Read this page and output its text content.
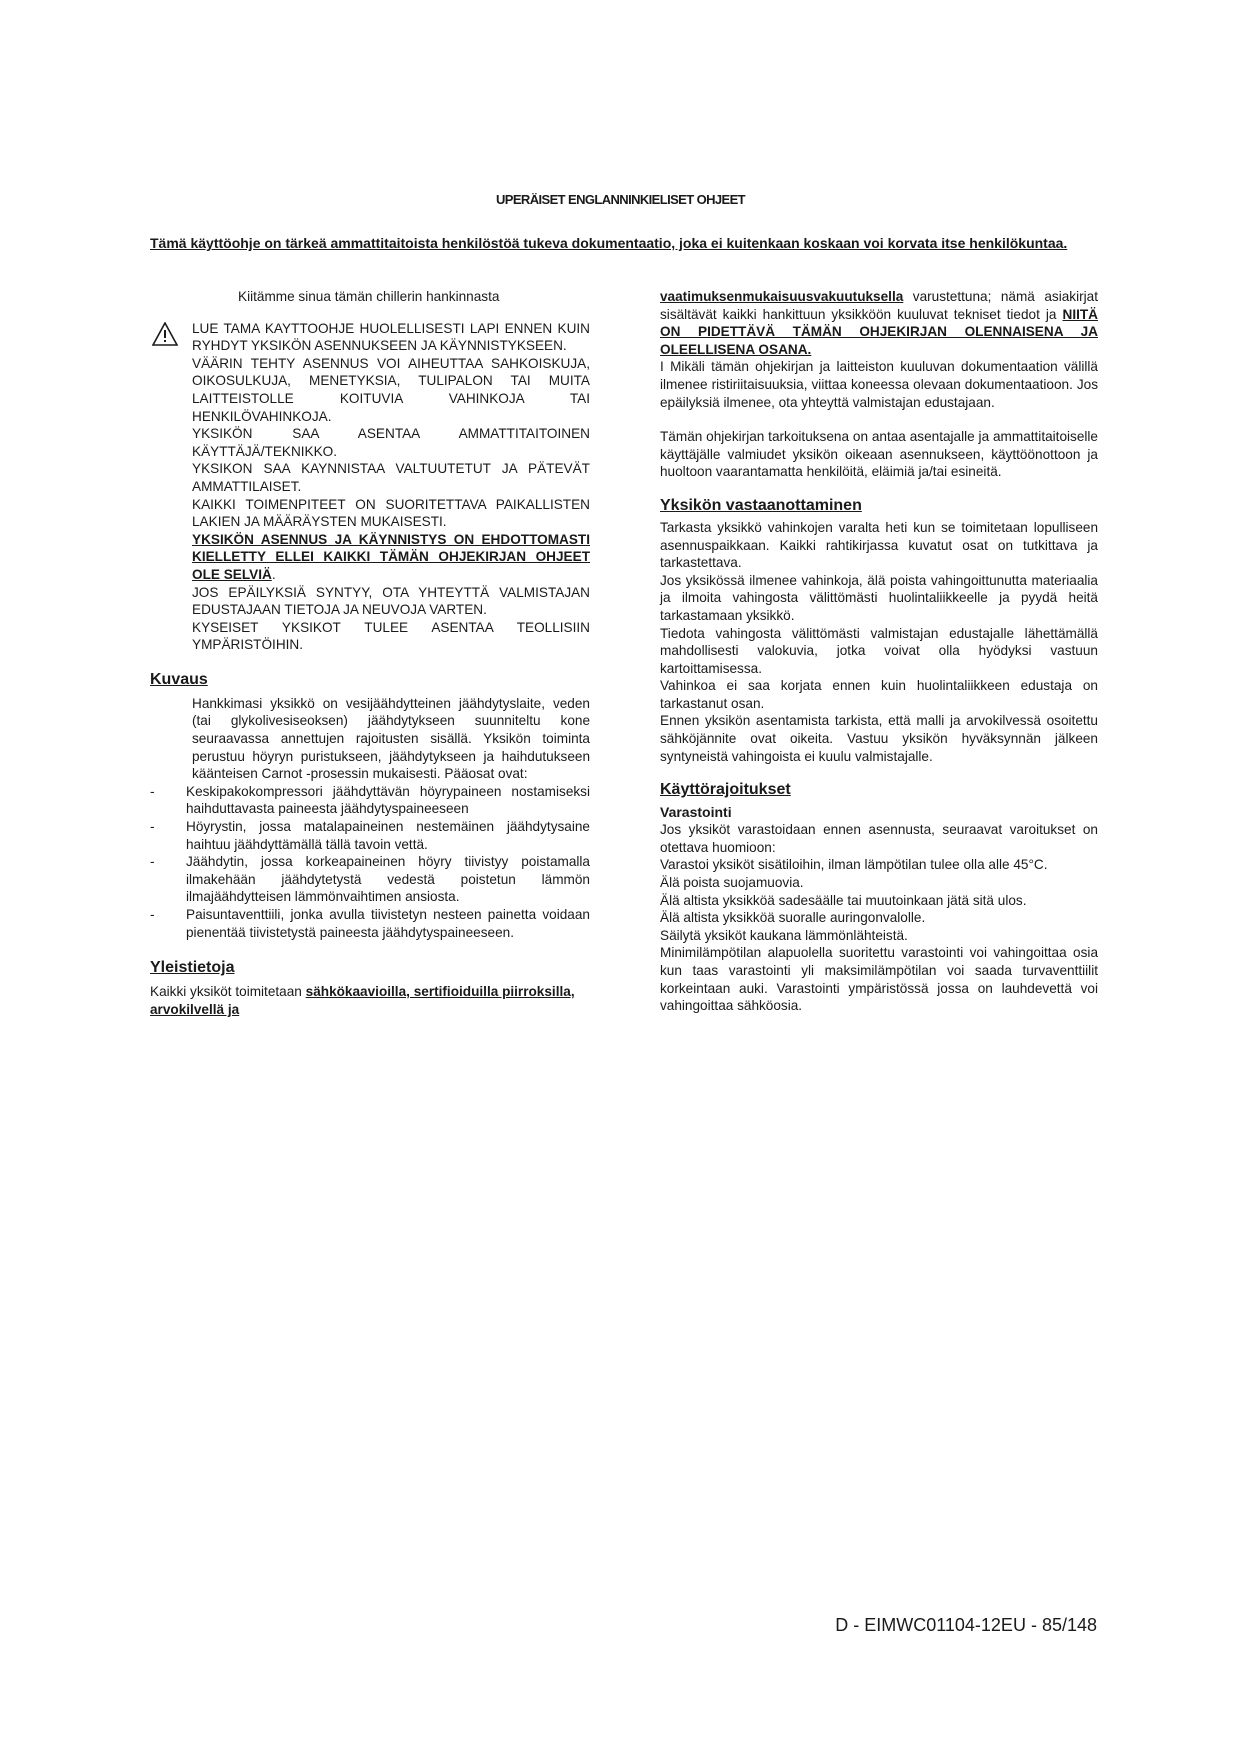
UPERÄISET ENGLANNINKIELISET OHJEET
Tämä käyttöohje on tärkeä ammattitaitoista henkilöstöä tukeva dokumentaatio, joka ei kuitenkaan koskaan voi korvata itse henkilökuntaa.

Kiitämme sinua tämän chillerin hankinnasta

LUE TAMA KAYTTOOHJE HUOLELLISESTI LAPI ENNEN KUIN RYHDYT YKSIKÖN ASENNUKSEEN JA KÄYNNISTYKSEEN.

VÄÄRIN TEHTY ASENNUS VOI AIHEUTTAA SAHKOISKUJA, OIKOSULKUJA, MENETYKSIA, TULIPALON TAI MUITA LAITTEISTOLLE KOITUVIA VAHINKOJA TAI HENKILÖVAHINKOJA.

YKSIKÖN SAA ASENTAA AMMATTITAITOINEN KÄYTTÄJÄ/TEKNIKKO.

YKSIKON SAA KAYNNISTAA VALTUUTETUT JA PÄTEVÄT AMMATTILAISET.

KAIKKI TOIMENPITEET ON SUORITETTAVA PAIKALLISTEN LAKIEN JA MÄÄRÄYSTEN MUKAISESTI.

YKSIKÖN ASENNUS JA KÄYNNISTYS ON EHDOTTOMASTI KIELLETTY ELLEI KAIKKI TÄMÄN OHJEKIRJAN OHJEET OLE SELVIÄ.

JOS EPÄILYKSIÄ SYNTYY, OTA YHTEYTTÄ VALMISTAJAN EDUSTAJAAN TIETOJA JA NEUVOJA VARTEN.

KYSEISET YKSIKOT TULEE ASENTAA TEOLLISIIN YMPÄRISTÖIHIN.

Kuvaus

Hankkimasi yksikkö on vesijäähdytteinen jäähdytyslaite, veden (tai glykolivesiseoksen) jäähdytykseen suunniteltu kone seuraavassa annettujen rajoitusten sisällä. Yksikön toiminta perustuu höyryn puristukseen, jäähdytykseen ja haihdutukseen käänteisen Carnot -prosessin mukaisesti. Pääosat ovat:

- Keskipakokompressori jäähdyttävän höyrypaineen nostamiseksi haihduttavasta paineesta jäähdytyspaineeseen
- Höyrystin, jossa matalapaineinen nestemäinen jäähdytysaine haihtuu jäähdyttämällä tällä tavoin vettä.
- Jäähdytin, jossa korkeapaineinen höyry tiivistyy poistamalla ilmakehään jäähdytetystä vedestä poistetun lämmön ilmajäähdytteisen lämmönvaihtimen ansiosta.
- Paisuntaventtiili, jonka avulla tiivistetyn nesteen painetta voidaan pienentää tiivistetystä paineesta jäähdytyspaineeseen.
Yleistietoja

Kaikki yksiköt toimitetaan sähkökaavioilla, sertifioiduilla piirroksilla, arvokilvellä ja

vaatimuksenmukaisuusvakuutuksella varustettuna; nämä asiakirjat sisältävät kaikki hankittuun yksikköön kuuluvat tekniset tiedot ja NIITÄ ON PIDETTÄVÄ TÄMÄN OHJEKIRJAN OLENNAISENA JA OLEELLISENA OSANA.

I Mikäli tämän ohjekirjan ja laitteiston kuuluvan dokumentaation välillä ilmenee ristiriitaisuuksia, viittaa koneessa olevaan dokumentaatioon. Jos epäilyksiä ilmenee, ota yhteyttä valmistajan edustajaan.

Tämän ohjekirjan tarkoituksena on antaa asentajalle ja ammattitaitoiselle käyttäjälle valmiudet yksikön oikeaan asennukseen, käyttöönottoon ja huoltoon vaarantamatta henkilöitä, eläimiä ja/tai esineitä.

Yksikön vastaanottaminen

Tarkasta yksikkö vahinkojen varalta heti kun se toimitetaan lopulliseen asennuspaikkaan. Kaikki rahtikirjassa kuvatut osat on tutkittava ja tarkastettava.

Jos yksikössä ilmenee vahinkoja, älä poista vahingoittunutta materiaalia ja ilmoita vahingosta välittömästi huolintaliikkeelle ja pyydä heitä tarkastamaan yksikkö.

Tiedota vahingosta välittömästi valmistajan edustajalle lähettämällä mahdollisesti valokuvia, jotka voivat olla hyödyksi vastuun kartoittamisessa.

Vahinkoa ei saa korjata ennen kuin huolintaliikkeen edustaja on tarkastanut osan.

Ennen yksikön asentamista tarkista, että malli ja arvokilvessä osoitettu sähköjännite ovat oikeita. Vastuu yksikön hyväksynnän jälkeen syntyneistä vahingoista ei kuulu valmistajalle.

Käyttörajoitukset
Varastointi

Jos yksiköt varastoidaan ennen asennusta, seuraavat varoitukset on otettava huomioon:

Varastoi yksiköt sisätiloihin, ilman lämpötilan tulee olla alle 45°C.

Älä poista suojamuovia.

Älä altista yksikköä sadesäälle tai muutoinkaan jätä sitä ulos.

Älä altista yksikköä suoralle auringonvalolle.

Säilytä yksiköt kaukana lämmönlähteistä.

Minimilämpötilan alapuolella suoritettu varastointi voi vahingoittaa osia kun taas varastointi yli maksimilämpötilan voi saada turvaventtiilit korkeintaan auki. Varastointi ympäristössä jossa on lauhdevettä voi vahingoittaa sähköosia.

D - EIMWC01104-12EU - 85/148
